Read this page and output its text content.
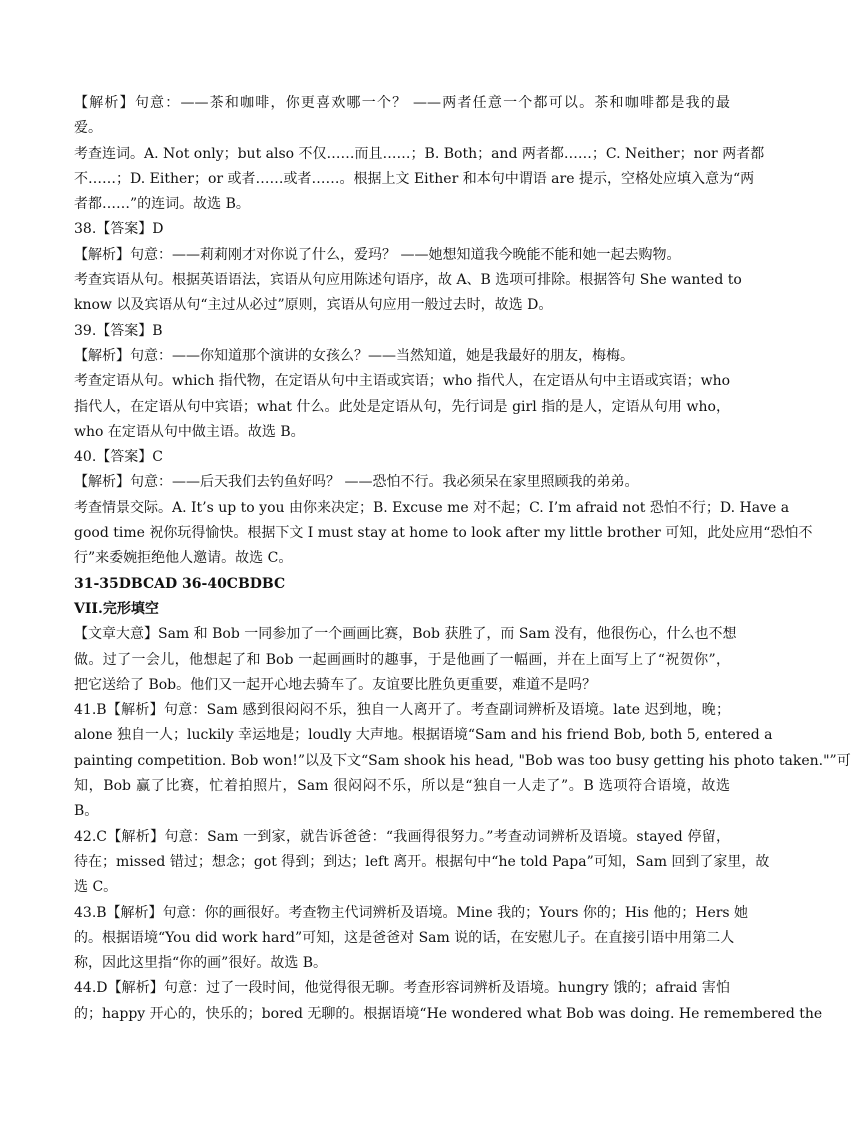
【解析】句意：——茶和咖啡，你更喜欢哪一个？ ——两者任意一个都可以。茶和咖啡都是我的最
爱。
考查连词。A. Not only；but also 不仅……而且……；B. Both；and 两者都……；C. Neither；nor 两者都
不……；D. Either；or 或者……或者……。根据上文 Either 和本句中谓语 are 提示，空格处应填入意为“两
者都……”的连词。故选 B。
38.【答案】D
【解析】句意：——莉莉刚才对你说了什么，爱玛？ ——她想知道我今晚能不能和她一起去购物。
考查宾语从句。根据英语语法，宾语从句应用陈述句语序，故 A、B 选项可排除。根据答句 She wanted to
know 以及宾语从句“主过从必过”原则，宾语从句应用一般过去时，故选 D。
39.【答案】B
【解析】句意：——你知道那个演讲的女孩么？——当然知道，她是我最好的朋友，梅梅。
考查定语从句。which 指代物，在定语从句中主语或宾语；who 指代人，在定语从句中主语或宾语；who
指代人，在定语从句中宾语；what 什么。此处是定语从句，先行词是 girl 指的是人，定语从句用 who，
who 在定语从句中做主语。故选 B。
40.【答案】C
【解析】句意：——后天我们去钓鱼好吗？ ——恐怕不行。我必须呆在家里照顾我的弟弟。
考查情景交际。A. It’s up to you 由你来决定；B. Excuse me 对不起；C. I’m afraid not 恐怕不行；D. Have a
good time 祝你玩得愉快。根据下文 I must stay at home to look after my little brother 可知，此处应用“恐怕不
行”来委婉拒绝他人邀请。故选 C。
31-35DBCAD 36-40CBDBC
VII.完形填空
【文章大意】Sam 和 Bob 一同参加了一个画画比赛，Bob 获胜了，而 Sam 没有，他很伤心，什么也不想
做。过了一会儿，他想起了和 Bob 一起画画时的趣事，于是他画了一幅画，并在上面写上了“祝贺你”，
把它送给了 Bob。他们又一起开心地去骑车了。友谊要比胜负更重要，难道不是吗？
41.B【解析】句意：Sam 感到很闷闷不乐，独自一人离开了。考查副词辨析及语境。late 迟到地，晚；
alone 独自一人；luckily 幸运地是；loudly 大声地。根据语境“Sam and his friend Bob, both 5, entered a
painting competition. Bob won!”以及下文“Sam shook his head, "Bob was too busy getting his photo taken."”可
知，Bob 赢了比赛，忙着拍照片，Sam 很闷闷不乐，所以是“独自一人走了”。B 选项符合语境，故选
B。
42.C【解析】句意：Sam 一到家，就告诉爸爸：“我画得很努力。”考查动词辨析及语境。stayed 停留，
待在；missed 错过；想念；got 得到；到达；left 离开。根据句中“he told Papa”可知，Sam 回到了家里，故
选 C。
43.B【解析】句意：你的画很好。考查物主代词辨析及语境。Mine 我的；Yours 你的；His 他的；Hers 她
的。根据语境“You did work hard”可知，这是爸爸对 Sam 说的话，在安慰儿子。在直接引语中用第二人
称，因此这里指“你的画”很好。故选 B。
44.D【解析】句意：过了一段时间，他觉得很无聊。考查形容词辨析及语境。hungry 饿的；afraid 害怕
的；happy 开心的，快乐的；bored 无聊的。根据语境“He wondered what Bob was doing. He remembered the
